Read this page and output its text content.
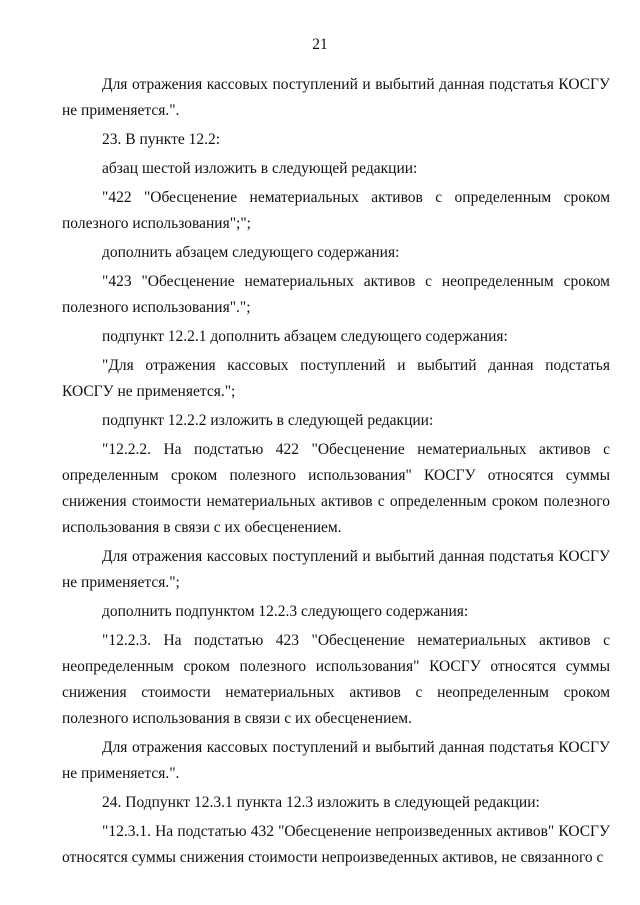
21

Для отражения кассовых поступлений и выбытий данная подстатья КОСГУ не применяется.".

23. В пункте 12.2:

абзац шестой изложить в следующей редакции:

"422 "Обесценение нематериальных активов с определенным сроком полезного использования";";

дополнить абзацем следующего содержания:

"423 "Обесценение нематериальных активов с неопределенным сроком полезного использования".";

подпункт 12.2.1 дополнить абзацем следующего содержания:

"Для отражения кассовых поступлений и выбытий данная подстатья КОСГУ не применяется.";

подпункт 12.2.2 изложить в следующей редакции:

"12.2.2. На подстатью 422 "Обесценение нематериальных активов с определенным сроком полезного использования" КОСГУ относятся суммы снижения стоимости нематериальных активов с определенным сроком полезного использования в связи с их обесценением.

Для отражения кассовых поступлений и выбытий данная подстатья КОСГУ не применяется.";

дополнить подпунктом 12.2.3 следующего содержания:

"12.2.3. На подстатью 423 "Обесценение нематериальных активов с неопределенным сроком полезного использования" КОСГУ относятся суммы снижения стоимости нематериальных активов с неопределенным сроком полезного использования в связи с их обесценением.

Для отражения кассовых поступлений и выбытий данная подстатья КОСГУ не применяется.".

24. Подпункт 12.3.1 пункта 12.3 изложить в следующей редакции:

"12.3.1. На подстатью 432 "Обесценение непроизведенных активов" КОСГУ относятся суммы снижения стоимости непроизведенных активов, не связанного с
